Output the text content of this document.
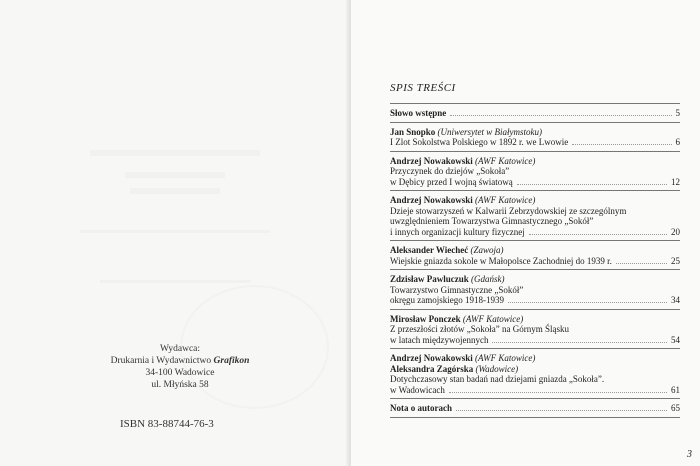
Wydawca:
Drukarnia i Wydawnictwo Grafikon
34-100 Wadowice
ul. Młyńska 58
ISBN 83-88744-76-3
3
SPIS TREŚCI
Słowo wstępne	5
Jan Snopko (Uniwersytet w Białymstoku)
I Zlot Sokolstwa Polskiego w 1892 r. we Lwowie	6
Andrzej Nowakowski (AWF Katowice)
Przyczynek do dziejów „Sokoła”
w Dębicy przed I wojną światową	12
Andrzej Nowakowski (AWF Katowice)
Dzieje stowarzyszeń w Kalwarii Zebrzydowskiej ze szczególnym
uwzględnieniem Towarzystwa Gimnastycznego „Sokół”
i innych organizacji kultury fizycznej	20
Aleksander Wiecheć (Zawoja)
Wiejskie gniazda sokole w Małopolsce Zachodniej do 1939 r.	25
Zdzisław Pawluczuk (Gdańsk)
Towarzystwo Gimnastyczne „Sokół”
okręgu zamojskiego 1918-1939	34
Mirosław Ponczek (AWF Katowice)
Z przeszłości złotów „Sokoła” na Górnym Śląsku
w latach międzywojennych	54
Andrzej Nowakowski (AWF Katowice)
Aleksandra Zagórska (Wadowice)
Dotychczasowy stan badań nad dziejami gniazda „Sokoła”.
w Wadowicach	61
Nota o autorach	65
